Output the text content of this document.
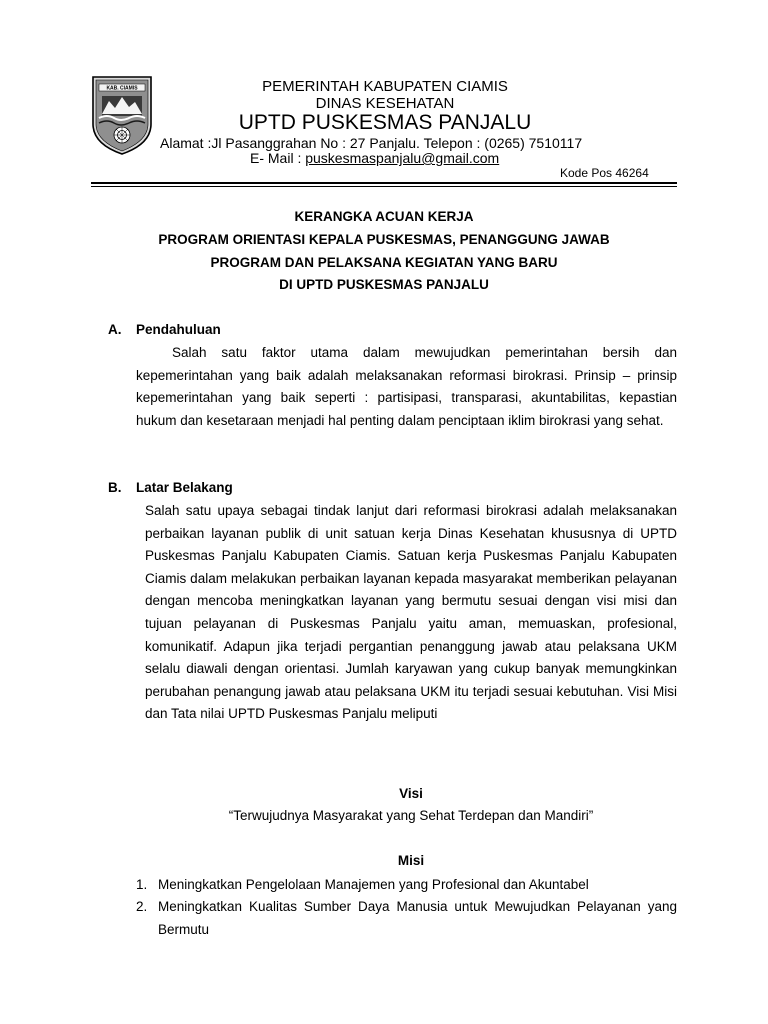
KAB. CIAMIS	PEMERINTAH KABUPATEN CIAMIS
DINAS KESEHATAN
UPTD PUSKESMAS PANJALU
Alamat :Jl Pasanggrahan No : 27 Panjalu. Telepon : (0265) 7510117
E- Mail : puskesmaspanjalu@gmail.com
Kode Pos 46264
KERANGKA ACUAN KERJA
PROGRAM ORIENTASI KEPALA PUSKESMAS, PENANGGUNG JAWAB
PROGRAM DAN PELAKSANA KEGIATAN YANG BARU
DI UPTD PUSKESMAS PANJALU
A. Pendahuluan
Salah satu faktor utama dalam mewujudkan pemerintahan bersih dan kepemerintahan yang baik adalah melaksanakan reformasi birokrasi. Prinsip – prinsip kepemerintahan yang baik seperti : partisipasi, transparasi, akuntabilitas, kepastian hukum dan kesetaraan menjadi hal penting dalam penciptaan iklim birokrasi yang sehat.
B. Latar Belakang
Salah satu upaya sebagai tindak lanjut dari reformasi birokrasi adalah melaksanakan perbaikan layanan publik di unit satuan kerja Dinas Kesehatan khususnya di UPTD Puskesmas Panjalu Kabupaten Ciamis. Satuan kerja Puskesmas Panjalu Kabupaten Ciamis dalam melakukan perbaikan layanan kepada masyarakat memberikan pelayanan dengan mencoba meningkatkan layanan yang bermutu sesuai dengan visi misi dan tujuan pelayanan di Puskesmas Panjalu yaitu aman, memuaskan, profesional, komunikatif. Adapun jika terjadi pergantian penanggung jawab atau pelaksana UKM selalu diawali dengan orientasi. Jumlah karyawan yang cukup banyak memungkinkan perubahan penangung jawab atau pelaksana UKM itu terjadi sesuai kebutuhan. Visi Misi dan Tata nilai UPTD Puskesmas Panjalu meliputi
Visi
“Terwujudnya Masyarakat yang Sehat Terdepan dan Mandiri”
Misi
1. Meningkatkan Pengelolaan Manajemen yang Profesional dan Akuntabel
2. Meningkatkan Kualitas Sumber Daya Manusia untuk Mewujudkan Pelayanan yang Bermutu
